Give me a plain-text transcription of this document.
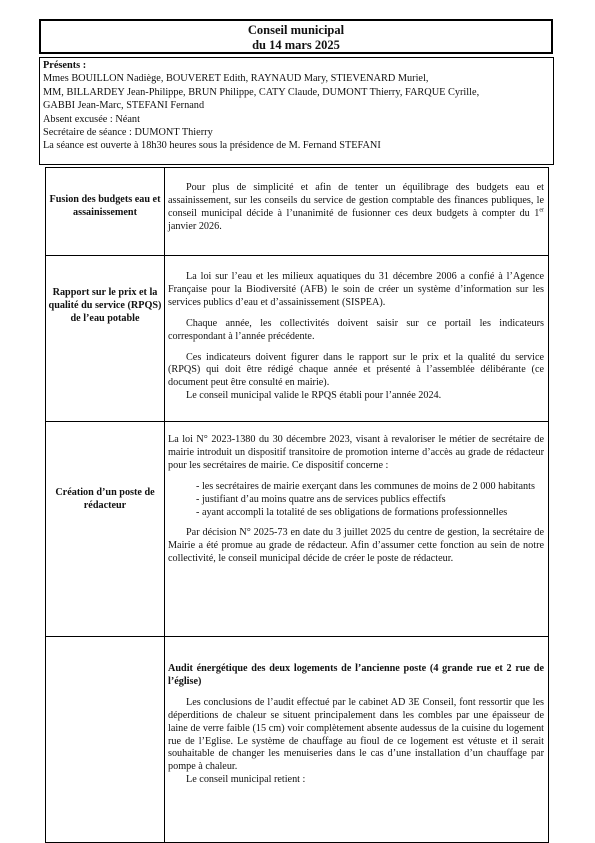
Conseil municipal
du 14 mars 2025
Présents :
Mmes BOUILLON Nadiège, BOUVERET Edith, RAYNAUD Mary, STIEVENARD Muriel,
MM, BILLARDEY Jean-Philippe, BRUN Philippe, CATY Claude, DUMONT Thierry, FARQUE Cyrille,
GABBI Jean-Marc, STEFANI Fernand
Absent excusée : Néant
Secrétaire de séance : DUMONT Thierry
La séance est ouverte à 18h30 heures sous la présidence de M. Fernand STEFANI
Fusion des budgets eau et assainissement

Pour plus de simplicité et afin de tenter un équilibrage des budgets eau et assainissement, sur les conseils du service de gestion comptable des finances publiques, le conseil municipal décide à l’unanimité de fusionner ces deux budgets à compter du 1er janvier 2026.

Rapport sur le prix et la qualité du service (RPQS) de l’eau potable

La loi sur l’eau et les milieux aquatiques du 31 décembre 2006 a confié à l’Agence Française pour la Biodiversité (AFB) le soin de créer un système d’information sur les services publics d’eau et d’assainissement (SISPEA).

Chaque année, les collectivités doivent saisir sur ce portail les indicateurs correspondant à l’année précédente.

Ces indicateurs doivent figurer dans le rapport sur le prix et la qualité du service (RPQS) qui doit être rédigé chaque année et présenté à l’assemblée délibérante (ce document peut être consulté en mairie).

Le conseil municipal valide le RPQS établi pour l’année 2024.

Création d’un poste de rédacteur

La loi N° 2023-1380 du 30 décembre 2023, visant à revaloriser le métier de secrétaire de mairie introduit un dispositif transitoire de promotion interne d’accès au grade de rédacteur pour les secrétaires de mairie. Ce dispositif concerne :

- les secrétaires de mairie exerçant dans les communes de moins de 2 000 habitants

- justifiant d’au moins quatre ans de services publics effectifs

- ayant accompli la totalité de ses obligations de formations professionnelles

Par décision N° 2025-73 en date du 3 juillet 2025 du centre de gestion, la secrétaire de Mairie a été promue au grade de rédacteur. Afin d’assumer cette fonction au sein de notre collectivité, le conseil municipal décide de créer le poste de rédacteur.

Audit énergétique des deux logements de l’ancienne poste (4 grande rue et 2 rue de l’église)

Les conclusions de l’audit effectué par le cabinet AD 3E Conseil, font ressortir que les déperditions de chaleur se situent principalement dans les combles par une épaisseur de laine de verre faible (15 cm) voir complètement absente audessus de la cuisine du logement rue de l’Eglise. Le système de chauffage au fioul de ce logement est vétuste et il serait souhaitable de changer les menuiseries dans le cas d’une installation d’un chauffage par pompe à chaleur.

Le conseil municipal retient :
